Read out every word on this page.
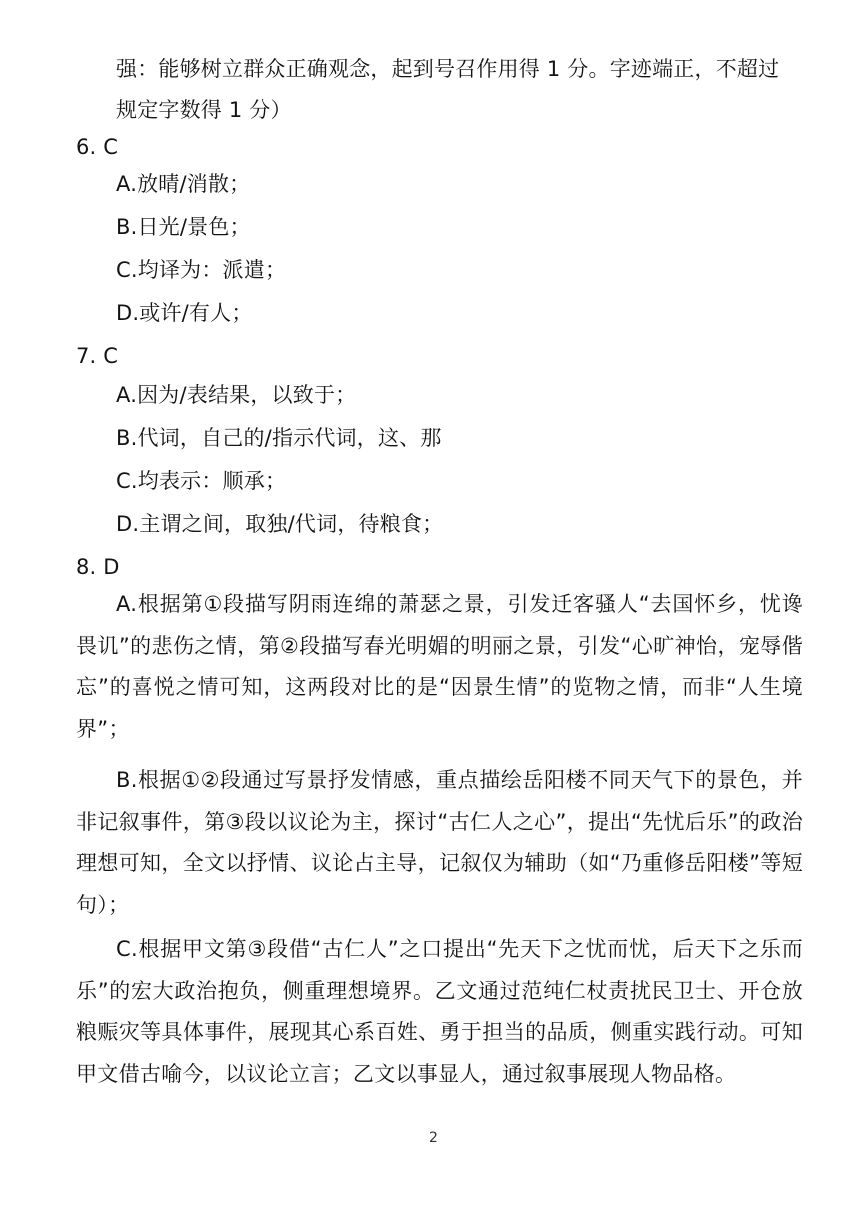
强：能够树立群众正确观念，起到号召作用得 1 分。字迹端正，不超过
规定字数得 1 分）
6. C
A.放晴/消散；
B.日光/景色；
C.均译为：派遣；
D.或许/有人；
7. C
A.因为/表结果，以致于；
B.代词，自己的/指示代词，这、那
C.均表示：顺承；
D.主谓之间，取独/代词，待粮食；
8. D
A.根据第①段描写阴雨连绵的萧瑟之景，引发迁客骚人“去国怀乡，忧谗畏讥”的悲伤之情，第②段描写春光明媚的明丽之景，引发“心旷神怡，宠辱偕忘”的喜悦之情可知，这两段对比的是“因景生情”的览物之情，而非“人生境界”；
B.根据①②段通过写景抒发情感，重点描绘岳阳楼不同天气下的景色，并非记叙事件，第③段以议论为主，探讨“古仁人之心”，提出“先忧后乐”的政治理想可知，全文以抒情、议论占主导，记叙仅为辅助（如“乃重修岳阳楼”等短句）；
C.根据甲文第③段借“古仁人”之口提出“先天下之忧而忧，后天下之乐而乐”的宏大政治抱负，侧重理想境界。乙文通过范纯仁杖责扰民卫士、开仓放粮赈灾等具体事件，展现其心系百姓、勇于担当的品质，侧重实践行动。可知甲文借古喻今，以议论立言；乙文以事显人，通过叙事展现人物品格。
2
